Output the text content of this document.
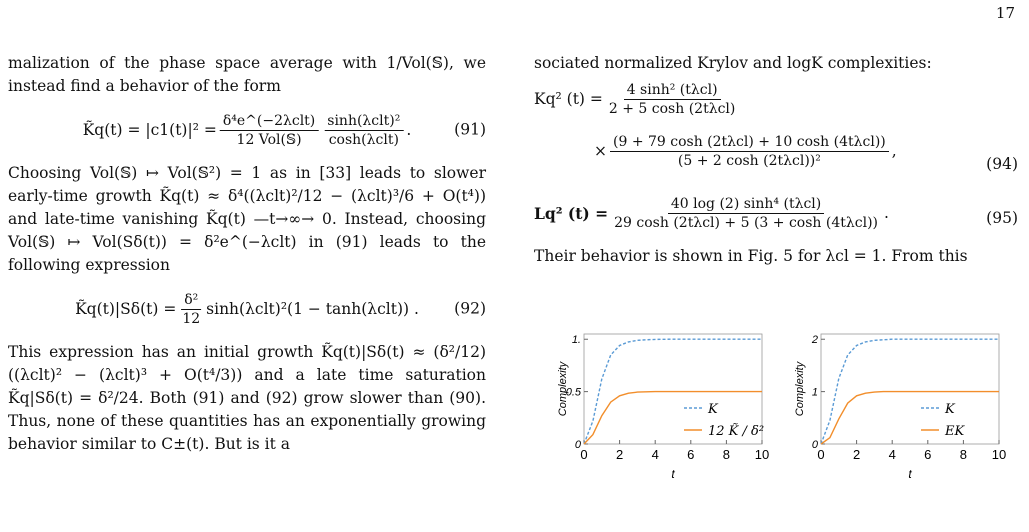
17

malization of the phase space average with 1/Vol(𝕊), we instead find a behavior of the form

K̃q(t) = $|c1(t)|^2 = \frac{\text{δ⁴e\textasciicircum{}(−2λclt)}}{\text{12 Vol(𝕊)}} \frac{\text{sinh(λclt)²}}{\text{cosh(λclt)}}$ .	(91)

Choosing Vol(𝕊) ↦ Vol(𝕊²) = 1 as in [33] leads to slower early-time growth K̃q(t) ≈ δ⁴((λclt)²/12 − (λclt)³/6 + O(t⁴)) and late-time vanishing K̃q(t) —t→∞→ 0. Instead, choosing Vol(𝕊) ↦ Vol(Sδ(t)) = δ²e^(−λclt) in (91) leads to the following expression

K̃q(t)|Sδ(t) = $\frac{\text{δ²}}{12} \sinh(\lambda clt)^2(1 - \tanh(\lambda clt))$ . (92)

This expression has an initial growth K̃q(t)|Sδ(t) ≈ (δ²/12)((λclt)² − (λclt)³ + O(t⁴/3)) and a late time saturation K̃q|Sδ(t) = δ²/24. Both (91) and (92) grow slower than (90). Thus, none of these quantities has an exponentially growing behavior similar to C±(t). But is it a

sociated normalized Krylov and logK complexities:

Kq² $(t) = \frac{\text{4 sinh² (tλcl)}}{\text{2 + 5 cosh (2tλcl)}}$
× $\frac{\text{(9 + 79 cosh (2tλcl) + 10 cosh (4tλcl))}}{\text{(5 + 2 cosh (2tλcl))²}}$ ,
(94)
Lq² $(t) = \frac{\text{40 log (2) sinh⁴ (tλcl)}}{\text{29 cosh (2tλcl) + 5 (3 + cosh (4tλcl))}}$ .	(95)

Their behavior is shown in Fig. 5 for λcl = 1. From this

0 2 4 6 8 10
0
0.5
1.
t
Complexity	K
12 K̃ / δ²
0 2 4 6 8 10
0
1
2
t
Complexity	K
EK
